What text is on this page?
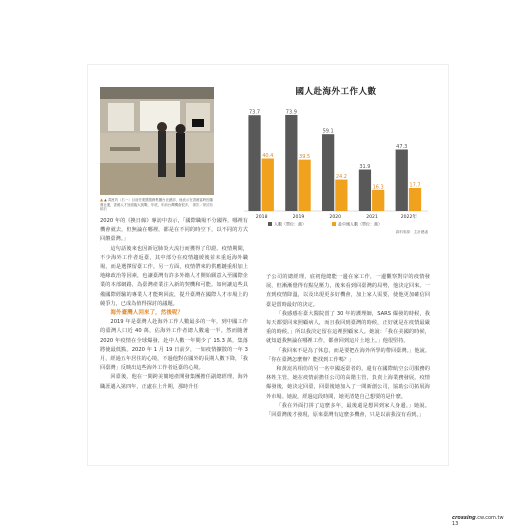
▲ ▲ 黃崑芮（右一）目前任業凱服務集團台北總部，他表示在香港當時因爆發社運，香港人才皆面臨大挑戰，年底，年前台灣機會很多， 攝影／陳德銘 翻拍
國人赴海外工作人數
73.7	73.9
59.1
31.9
47.3
40.4	39.5
24.2
16.3	17.7
2018	2019	2020	2021	2022年
人數（單位：萬）	赴中國人數（單位：萬）
資料來源：主計總處

2020 年的《換日線》專訪中表示，「國際職場不分國界，哪裡有機會就去，但無論在哪裡，都是在不同的時空下，以不同的方式回饋臺灣。」

這句話後來也因新冠肺炎大流行而獲得了印證。疫情期間，不少海外工作者返臺，其中部分在疫情趨緩後並未重返海外職場，而是選擇留臺工作。另一方面，疫情帶來的供應鏈重組加上地緣政治等因素，也讓臺灣有許多外籍人才開始願意入至國際企業的本部網路，為臺灣產業注入新的契機和可能。如何讓這些具備國際經驗的專業人才能夠回流，提升臺灣在國際人才市場上的競爭力，已成為值得探討的議題。

海外臺灣人回來了，然後呢？

2019 年是臺灣人赴海外工作人數最多的一年，到中國工作的臺灣人口近 40 萬，佔海外工作者總人數逾一半。然而隨著 2020 年疫情在全球爆發，赴中人數一年間少了 15.3 萬，集落將使最低點。2020 年 1 月 19 日前夕，一如疫情擴散的一年 3 月，經過五年居住的心境，不過他對在國外的長期人數下降，「我回臺灣」反映出這些海外工作者返臺的心境。

回臺後，他在一間跨美簡地產開發集團擔任副總經理，海外職涯邁入第四年，正處在上升期，那時升任

子公司的總經理，底初他總能一邊在家工作，一邊觀察對岸的疫情發展，但漸漸覺得有點兒壓力，後來看到回臺灣的局勢，他決定回來。一直到疫情降溫，以及出現更多好機會，加上家人需要，使他更加確信回臺是當時最好的決定。

「我感感在臺大醫院當了 30 年的護理師，SARS 爆發的時候，我每天都要回來照顧病人，而且我回到臺灣的時候，正好就是在疫情最嚴重的時候。」所以我決定留在這裡照顧家人。她說：「我在美國的時候，就知道我無論在哪裡工作，都會回到這片土地上。」他很堅持。

「我回來不是為了休息，而是要把在海外所學的帶回臺灣。」他說。「你在臺灣怎麼辦？能找到工作嗎？」

和黃崑芮相仿的另一名中國返臺者的，還有在國際航空公司服務的林姓主管，她在疫情前擔任公司的高階主管，負責上海業務發展。疫情爆發後，她決定回臺，回臺後她加入了一間新創公司，協助公司拓展海外市場。她說，經過這段時間，她更清楚自己想要的是什麼。

「我在外面打拼了這麼多年，最後還是想回到家人身邊。」她說。「回臺灣後才發現，原來臺灣有這麼多機會，只是以前我沒有看到。」

crossing.cw.com.tw 13
